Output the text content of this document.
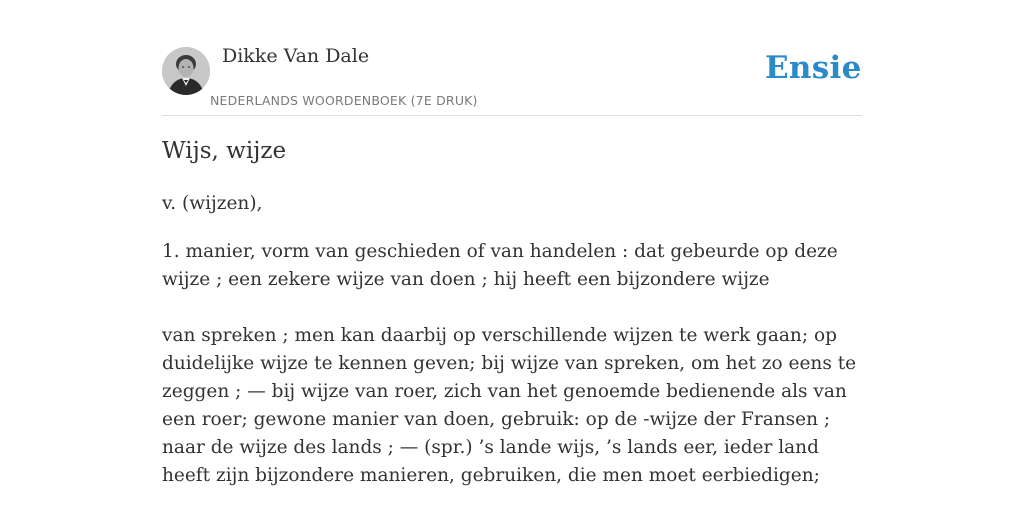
Dikke Van Dale
NEDERLANDS WOORDENBOEK (7E DRUK)
Ensie
Wijs, wijze

v. (wijzen),

1. manier, vorm van geschieden of van handelen : dat gebeurde op deze wijze ; een zekere wijze van doen ; hij heeft een bijzondere wijze
van spreken ; men kan daarbij op verschillende wijzen te werk gaan; op duidelijke wijze te kennen geven; bij wijze van spreken, om het zo eens te zeggen ; — bij wijze van roer, zich van het genoemde bedienende als van een roer; gewone manier van doen, gebruik: op de -wijze der Fransen ; naar de wijze des lands ; — (spr.) ’s lande wijs, ’s lands eer, ieder land heeft zijn bijzondere manieren, gebruiken, die men moet eerbiedigen;
